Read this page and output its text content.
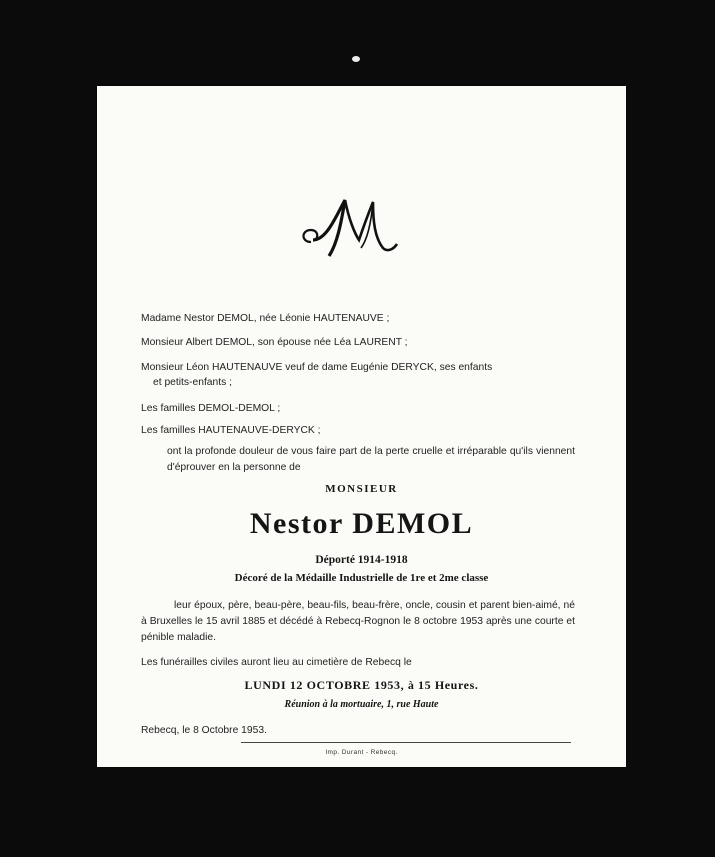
Madame Nestor DEMOL, née Léonie HAUTENAUVE ;
Monsieur Albert DEMOL, son épouse née Léa LAURENT ;
Monsieur Léon HAUTENAUVE veuf de dame Eugénie DERYCK, ses enfants
et petits-enfants ;
Les familles DEMOL-DEMOL ;
Les familles HAUTENAUVE-DERYCK ;
ont la profonde douleur de vous faire part de la perte cruelle et irréparable qu'ils viennent d'éprouver en la personne de
MONSIEUR
Nestor DEMOL
Déporté 1914-1918
Décoré de la Médaille Industrielle de 1re et 2me classe
leur époux, père, beau-père, beau-fils, beau-frère, oncle, cousin et parent bien-aimé, né à Bruxelles le 15 avril 1885 et décédé à Rebecq-Rognon le 8 octobre 1953 après une courte et pénible maladie.
Les funérailles civiles auront lieu au cimetière de Rebecq le
LUNDI 12 OCTOBRE 1953, à 15 Heures.
Réunion à la mortuaire, 1, rue Haute
Rebecq, le 8 Octobre 1953.
Imp. Durant - Rebecq.
